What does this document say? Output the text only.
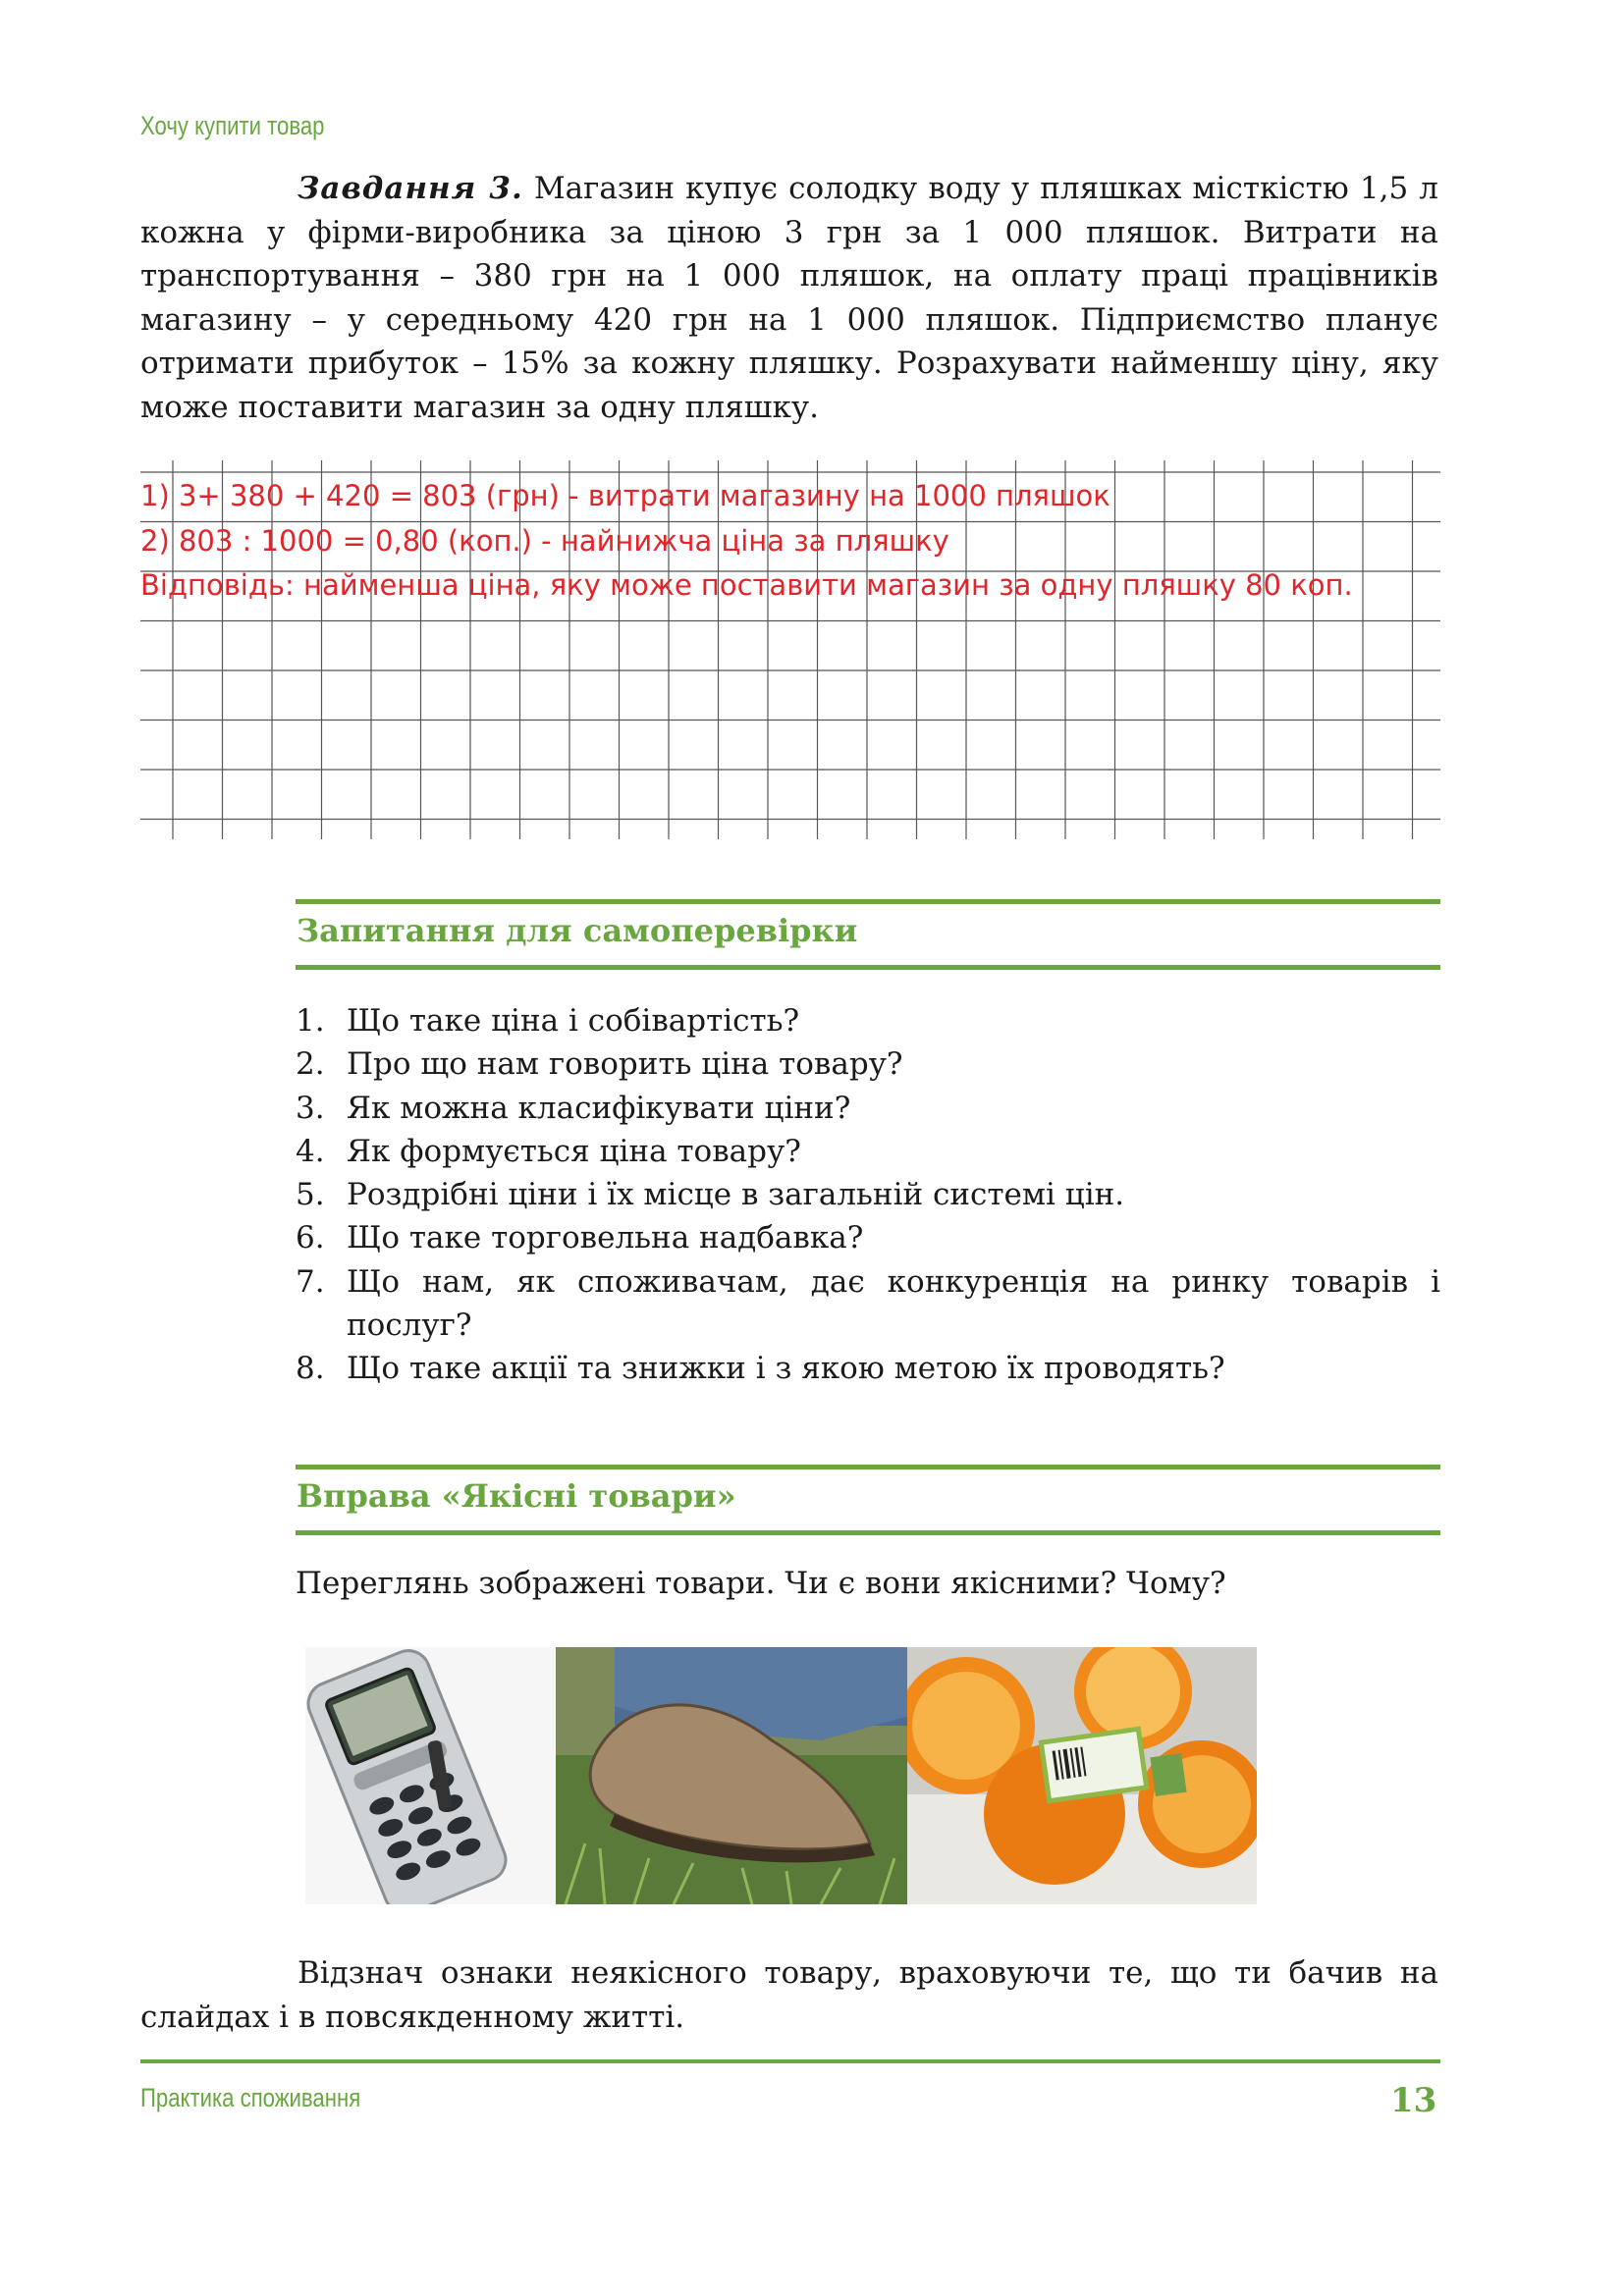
Хочу купити товар

Завдання 3. Магазин купує солодку воду у пляшках місткістю 1,5 л кожна у фірми-виробника за ціною 3 грн за 1 000 пляшок. Витрати на транспортування – 380 грн на 1 000 пляшок, на оплату праці працівників магазину – у середньому 420 грн на 1 000 пляшок. Підприємство планує отримати прибуток – 15% за кожну пляшку. Розрахувати найменшу ціну, яку може поставити магазин за одну пляшку.

1) 3+ 380 + 420 = 803 (грн) - витрати магазину на 1000 пляшок
2) 803 : 1000 = 0,80 (коп.) - найнижча ціна за пляшку
Відповідь: найменша ціна, яку може поставити магазин за одну пляшку 80 коп.
Запитання для самоперевірки
1. Що таке ціна і собівартість?
2. Про що нам говорить ціна товару?
3. Як можна класифікувати ціни?
4. Як формується ціна товару?
5. Роздрібні ціни і їх місце в загальній системі цін.
6. Що таке торговельна надбавка?
7. Що нам, як споживачам, дає конкуренція на ринку товарів і послуг?
8. Що таке акції та знижки і з якою метою їх проводять?
Вправа «Якісні товари»
Переглянь зображені товари. Чи є вони якісними? Чому?

Відзнач ознаки неякісного товару, враховуючи те, що ти бачив на слайдах і в повсякденному житті.

Практика споживання	13
